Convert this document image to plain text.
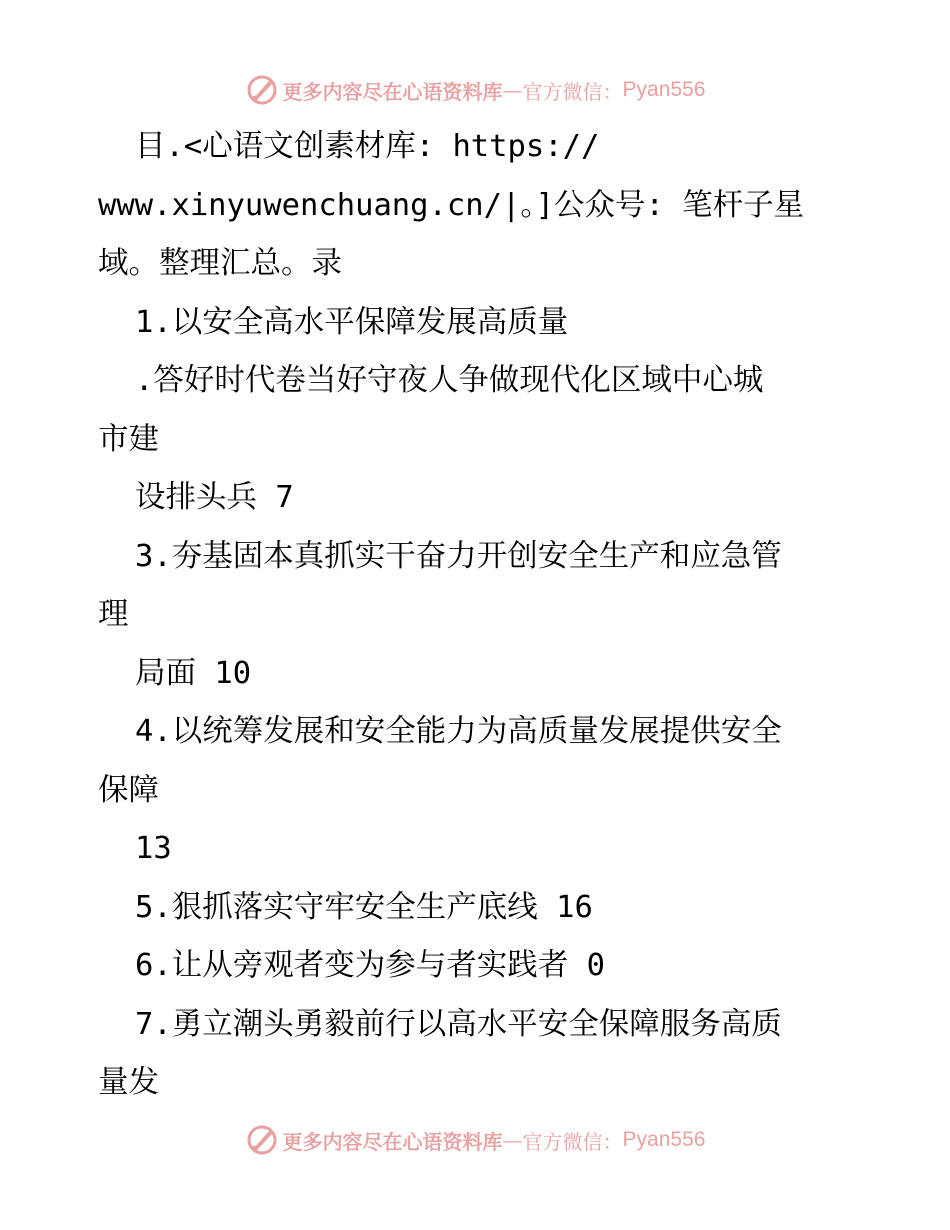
更多内容尽在心语资料库 — 官方微信： Pyan556
目.<心语文创素材库: https://
www.xinyuwenchuang.cn/|。]公众号: 笔杆子星
域。整理汇总。录
1.以安全高水平保障发展高质量
.答好时代卷当好守夜人争做现代化区域中心城
市建
设排头兵 7
3.夯基固本真抓实干奋力开创安全生产和应急管
理
局面 10
4.以统筹发展和安全能力为高质量发展提供安全
保障
13
5.狠抓落实守牢安全生产底线 16
6.让从旁观者变为参与者实践者 0
7.勇立潮头勇毅前行以高水平安全保障服务高质
量发
更多内容尽在心语资料库 — 官方微信： Pyan556
